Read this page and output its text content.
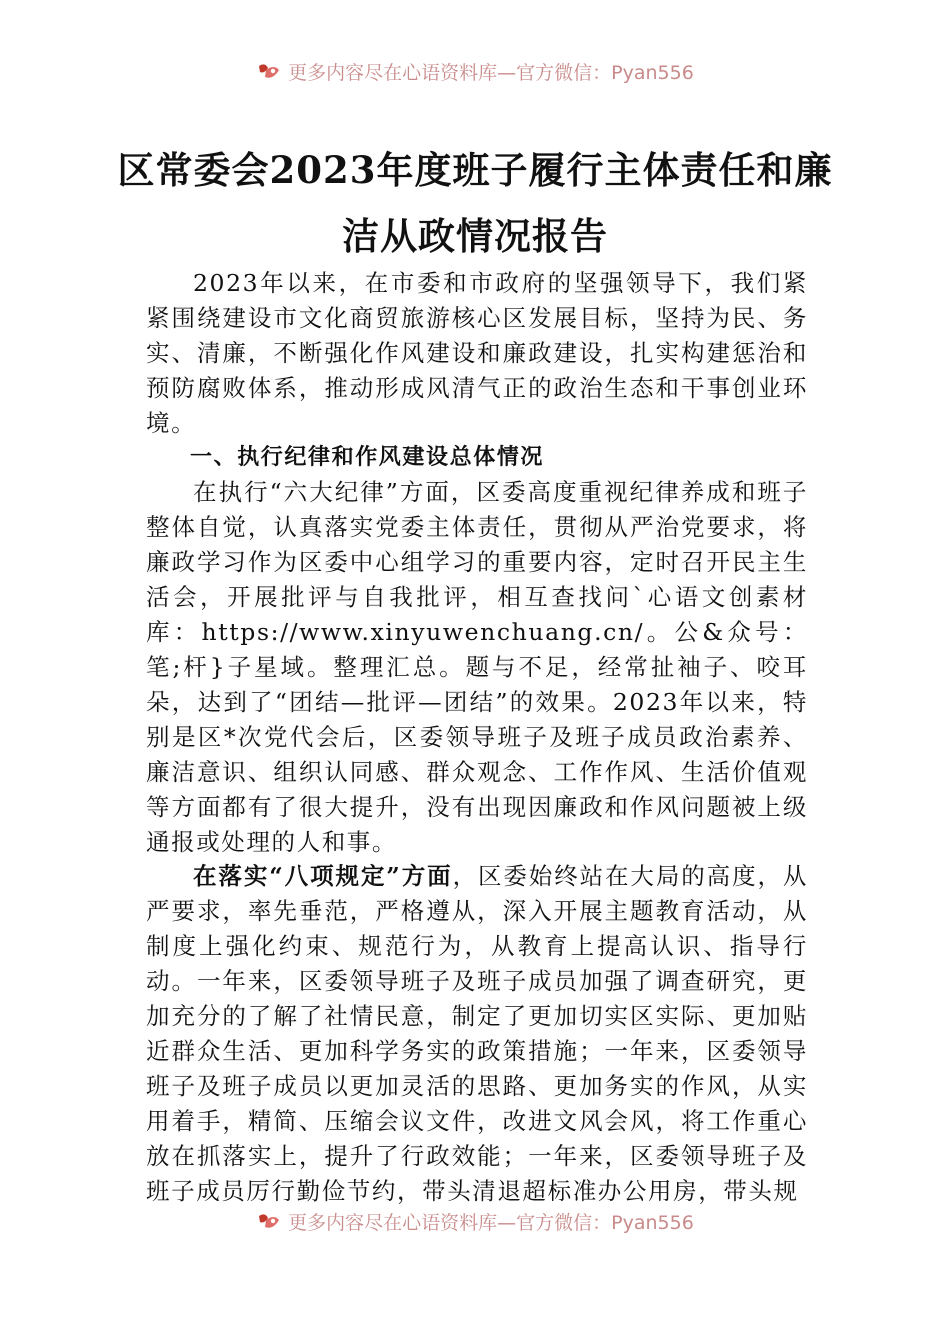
更多内容尽在心语资料库—官方微信：Pyan556
区常委会2023年度班子履行主体责任和廉
洁从政情况报告

2023年以来，在市委和市政府的坚强领导下，我们紧紧围绕建设市文化商贸旅游核心区发展目标，坚持为民、务实、清廉，不断强化作风建设和廉政建设，扎实构建惩治和预防腐败体系，推动形成风清气正的政治生态和干事创业环境。

一、执行纪律和作风建设总体情况

在执行“六大纪律”方面，区委高度重视纪律养成和班子整体自觉，认真落实党委主体责任，贯彻从严治党要求，将廉政学习作为区委中心组学习的重要内容，定时召开民主生活会，开展批评与自我批评，相互查找问`心语文创素材库：https://www.xinyuwenchuang.cn/。公&众号：笔;杆}子星域。整理汇总。题与不足，经常扯袖子、咬耳朵，达到了“团结—批评—团结”的效果。2023年以来，特别是区*次党代会后，区委领导班子及班子成员政治素养、廉洁意识、组织认同感、群众观念、工作作风、生活价值观等方面都有了很大提升，没有出现因廉政和作风问题被上级通报或处理的人和事。

在落实“八项规定”方面，区委始终站在大局的高度，从严要求，率先垂范，严格遵从，深入开展主题教育活动，从制度上强化约束、规范行为，从教育上提高认识、指导行动。一年来，区委领导班子及班子成员加强了调查研究，更加充分的了解了社情民意，制定了更加切实区实际、更加贴近群众生活、更加科学务实的政策措施；一年来，区委领导班子及班子成员以更加灵活的思路、更加务实的作风，从实用着手，精简、压缩会议文件，改进文风会风，将工作重心放在抓落实上，提升了行政效能；一年来，区委领导班子及班子成员厉行勤俭节约，带头清退超标准办公用房，带头规

更多内容尽在心语资料库—官方微信：Pyan556
